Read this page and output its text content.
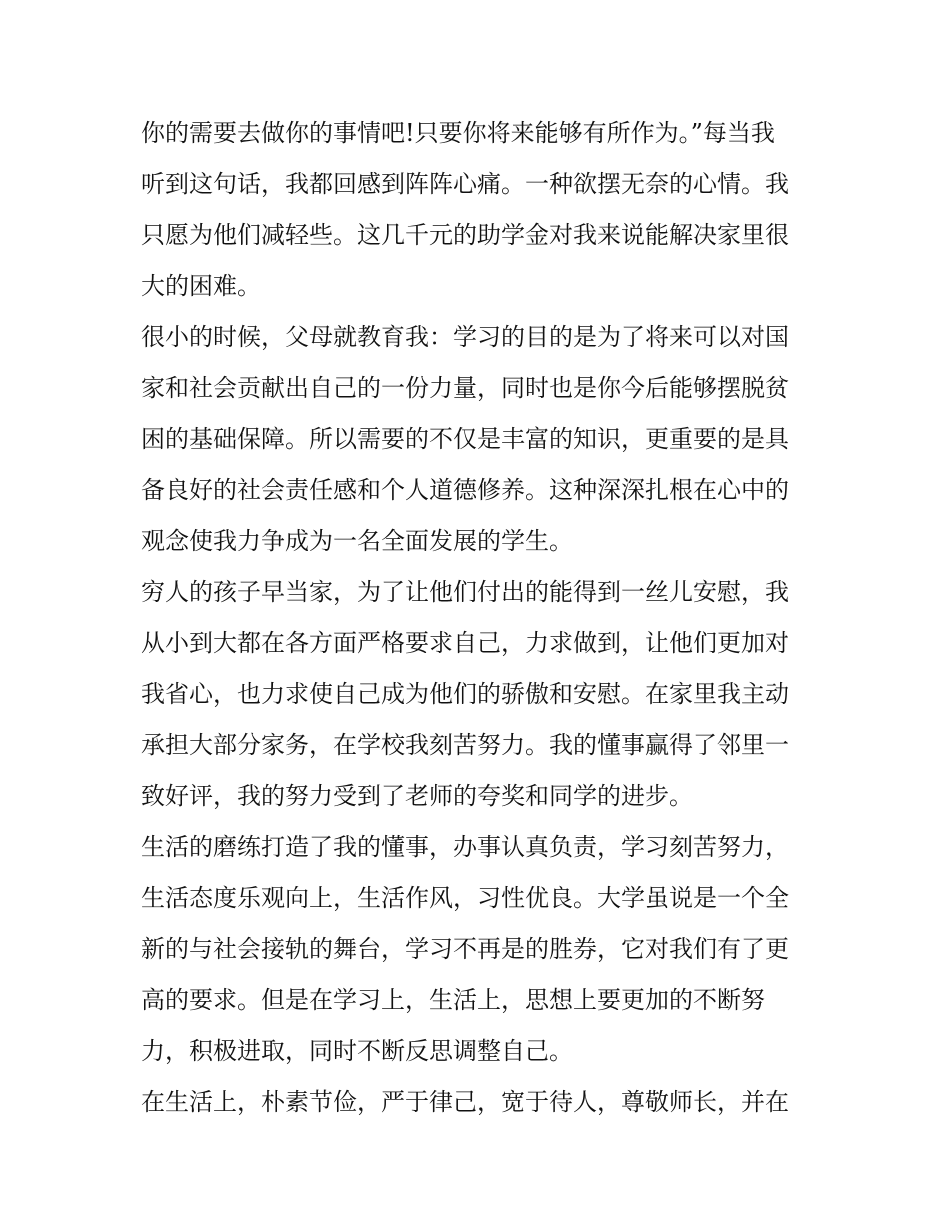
你的需要去做你的事情吧!只要你将来能够有所作为。”每当我
听到这句话，我都回感到阵阵心痛。一种欲摆无奈的心情。我
只愿为他们减轻些。这几千元的助学金对我来说能解决家里很
大的困难。
很小的时候，父母就教育我：学习的目的是为了将来可以对国
家和社会贡献出自己的一份力量，同时也是你今后能够摆脱贫
困的基础保障。所以需要的不仅是丰富的知识，更重要的是具
备良好的社会责任感和个人道德修养。这种深深扎根在心中的
观念使我力争成为一名全面发展的学生。
穷人的孩子早当家，为了让他们付出的能得到一丝儿安慰，我
从小到大都在各方面严格要求自己，力求做到，让他们更加对
我省心，也力求使自己成为他们的骄傲和安慰。在家里我主动
承担大部分家务，在学校我刻苦努力。我的懂事赢得了邻里一
致好评，我的努力受到了老师的夸奖和同学的进步。
生活的磨练打造了我的懂事，办事认真负责，学习刻苦努力，
生活态度乐观向上，生活作风，习性优良。大学虽说是一个全
新的与社会接轨的舞台，学习不再是的胜券，它对我们有了更
高的要求。但是在学习上，生活上，思想上要更加的不断努
力，积极进取，同时不断反思调整自己。
在生活上，朴素节俭，严于律己，宽于待人，尊敬师长，并在
